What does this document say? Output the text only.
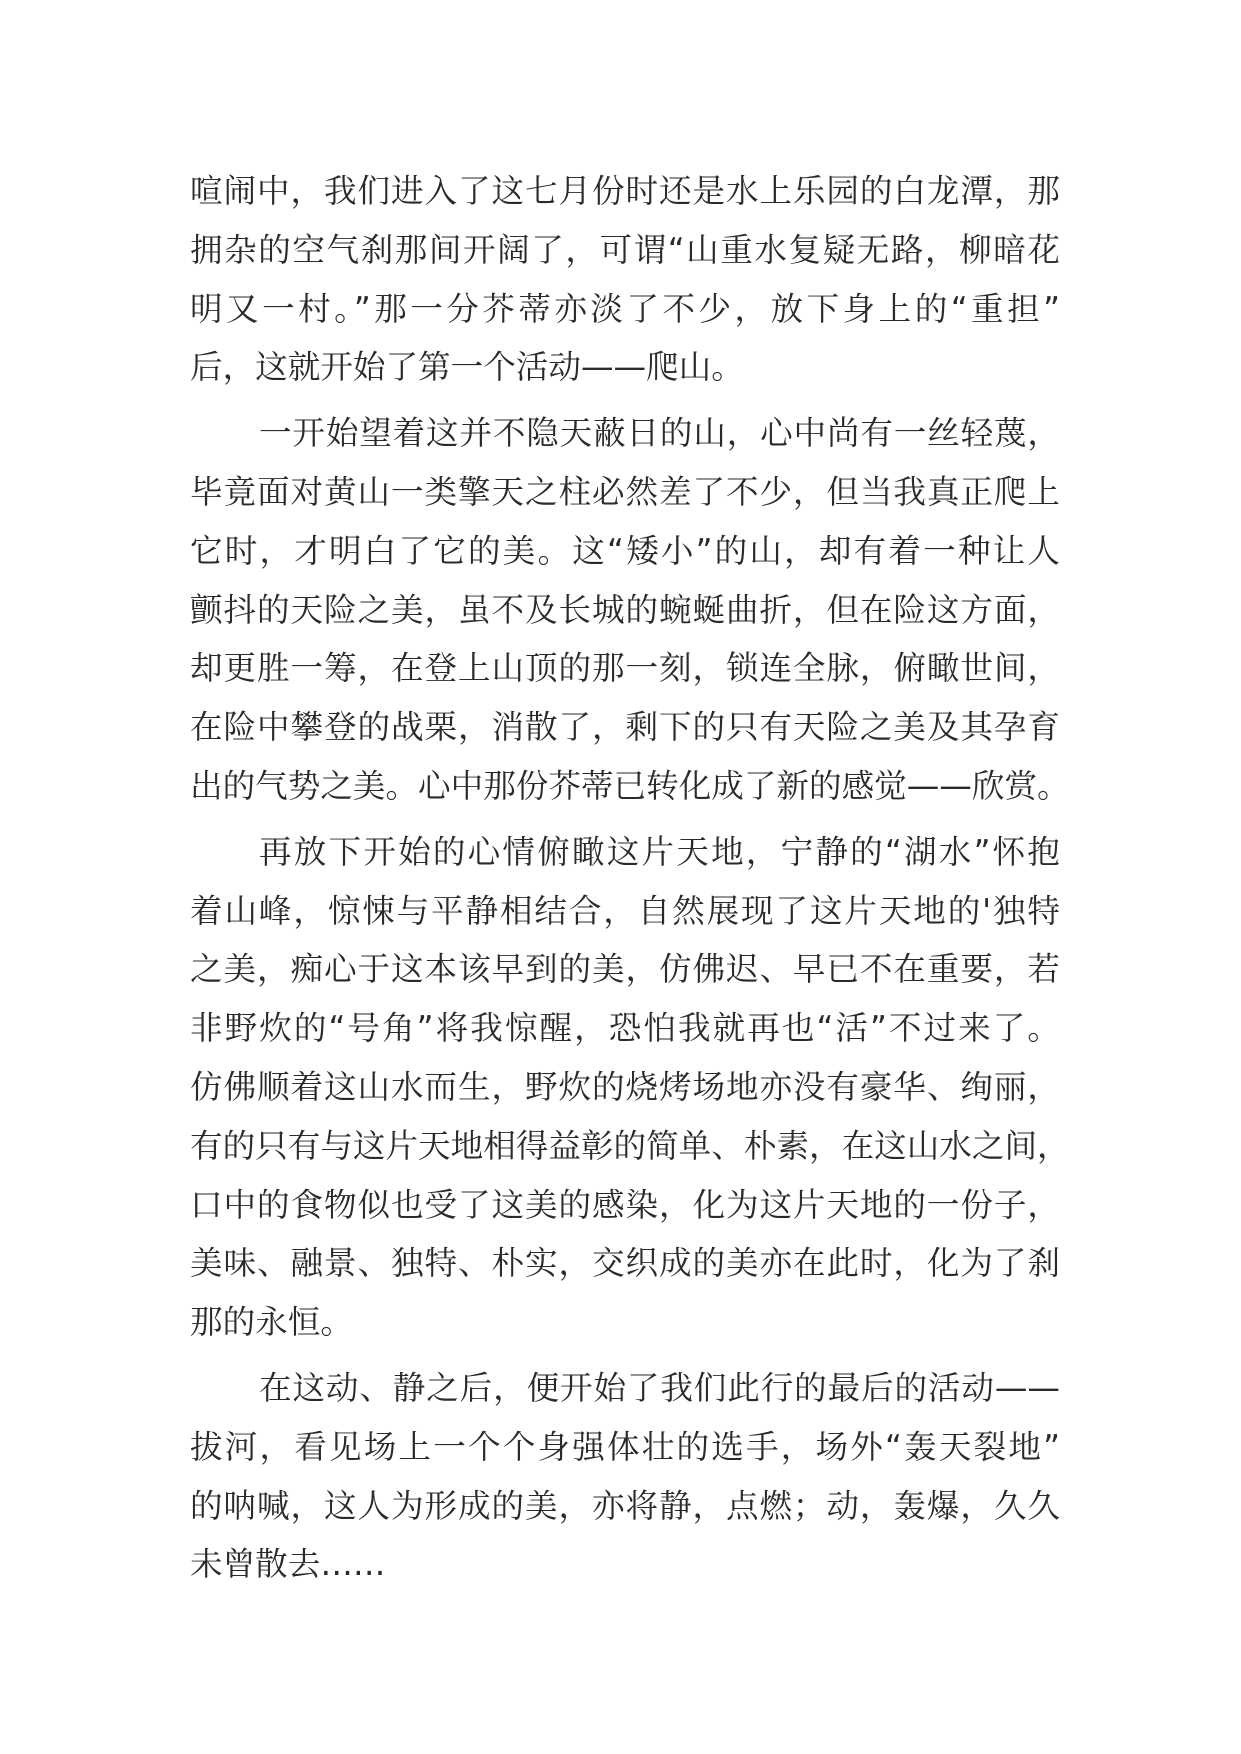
喧闹中，我们进入了这七月份时还是水上乐园的白龙潭，那
拥杂的空气刹那间开阔了，可谓“山重水复疑无路，柳暗花
明又一村。”那一分芥蒂亦淡了不少，放下身上的“重担”
后，这就开始了第一个活动——爬山。
一开始望着这并不隐天蔽日的山，心中尚有一丝轻蔑，
毕竟面对黄山一类擎天之柱必然差了不少，但当我真正爬上
它时，才明白了它的美。这“矮小”的山，却有着一种让人
颤抖的天险之美，虽不及长城的蜿蜒曲折，但在险这方面，
却更胜一筹，在登上山顶的那一刻，锁连全脉，俯瞰世间，
在险中攀登的战栗，消散了，剩下的只有天险之美及其孕育
出的气势之美。心中那份芥蒂已转化成了新的感觉——欣赏。
再放下开始的心情俯瞰这片天地，宁静的“湖水”怀抱
着山峰，惊悚与平静相结合，自然展现了这片天地的'独特
之美，痴心于这本该早到的美，仿佛迟、早已不在重要，若
非野炊的“号角”将我惊醒，恐怕我就再也“活”不过来了。
仿佛顺着这山水而生，野炊的烧烤场地亦没有豪华、绚丽，
有的只有与这片天地相得益彰的简单、朴素，在这山水之间，
口中的食物似也受了这美的感染，化为这片天地的一份子，
美味、融景、独特、朴实，交织成的美亦在此时，化为了刹
那的永恒。
在这动、静之后，便开始了我们此行的最后的活动——
拔河，看见场上一个个身强体壮的选手，场外“轰天裂地”
的呐喊，这人为形成的美，亦将静，点燃；动，轰爆，久久
未曾散去……
